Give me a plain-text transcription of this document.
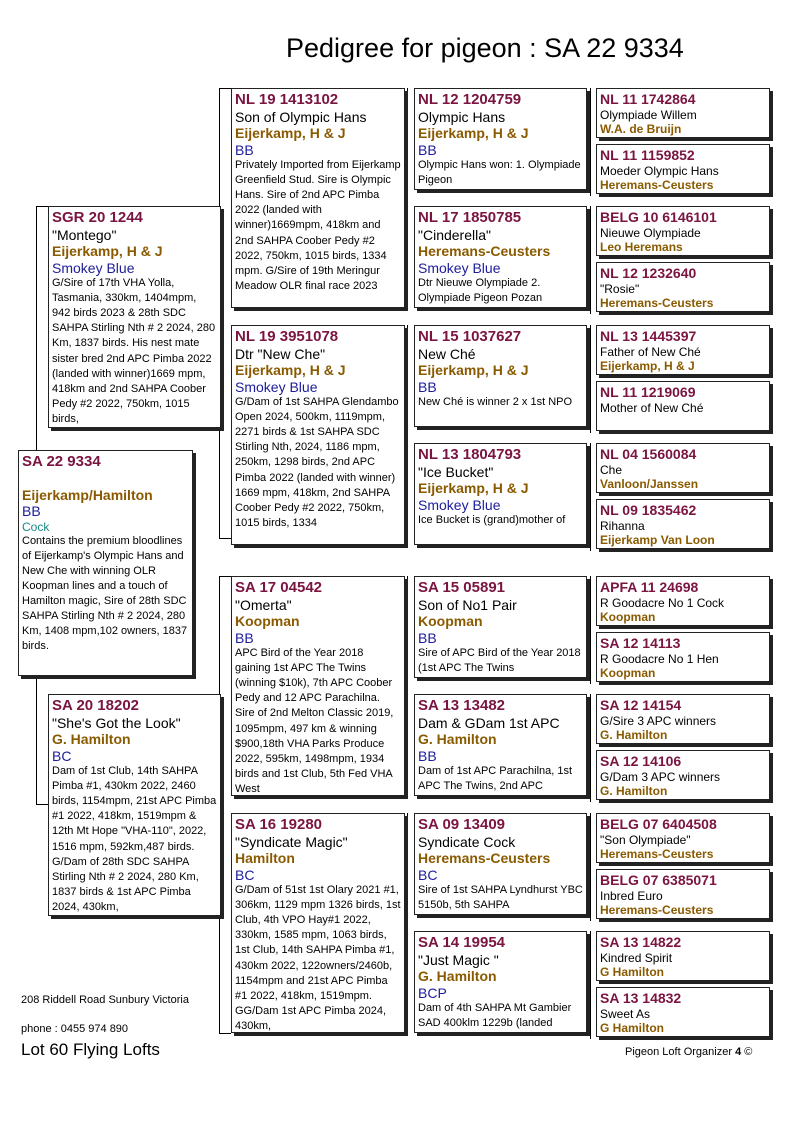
Pedigree for pigeon : SA 22 9334
SA 22 9334
Eijerkamp/Hamilton
BB
Cock
Contains the premium bloodlines of Eijerkamp's Olympic Hans and New Che with winning OLR Koopman lines and a touch of Hamilton magic, Sire of 28th SDC SAHPA Stirling Nth # 2 2024, 280 Km, 1408 mpm,102 owners, 1837 birds.
SGR 20 1244
"Montego"
Eijerkamp, H & J
Smokey Blue
G/Sire of 17th VHA Yolla, Tasmania, 330km, 1404mpm, 942 birds 2023 & 28th SDC SAHPA Stirling Nth # 2 2024, 280 Km, 1837 birds. His nest mate sister bred 2nd APC Pimba 2022 (landed with winner)1669 mpm, 418km and 2nd SAHPA Coober Pedy #2 2022, 750km, 1015 birds,
SA 20 18202
"She's Got the Look"
G. Hamilton
BC
Dam of 1st Club, 14th SAHPA Pimba #1, 430km 2022, 2460 birds, 1154mpm, 21st APC Pimba #1 2022, 418km, 1519mpm & 12th Mt Hope "VHA-110", 2022, 1516 mpm, 592km,487 birds. G/Dam of 28th SDC SAHPA Stirling Nth # 2 2024, 280 Km, 1837 birds & 1st APC Pimba 2024, 430km,
NL 19 1413102
Son of Olympic Hans
Eijerkamp, H & J
BB
Privately Imported from Eijerkamp Greenfield Stud. Sire is Olympic Hans. Sire of 2nd APC Pimba 2022 (landed with winner)1669mpm, 418km and 2nd SAHPA Coober Pedy #2 2022, 750km, 1015 birds, 1334 mpm. G/Sire of 19th Meringur Meadow OLR final race 2023
NL 19 3951078
Dtr "New Che"
Eijerkamp, H & J
Smokey Blue
G/Dam of 1st SAHPA Glendambo Open 2024, 500km, 1119mpm, 2271 birds & 1st SAHPA SDC Stirling Nth, 2024, 1186 mpm, 250km, 1298 birds, 2nd APC Pimba 2022 (landed with winner) 1669 mpm, 418km, 2nd SAHPA Coober Pedy #2 2022, 750km, 1015 birds, 1334
SA 17 04542
"Omerta"
Koopman
BB
APC Bird of the Year 2018 gaining 1st APC The Twins (winning $10k), 7th APC Coober Pedy and 12 APC Parachilna. Sire of 2nd Melton Classic 2019, 1095mpm, 497 km & winning $900,18th VHA Parks Produce 2022, 595km, 1498mpm, 1934 birds and 1st Club, 5th Fed VHA West
SA 16 19280
"Syndicate Magic"
Hamilton
BC
G/Dam of 51st 1st Olary 2021 #1, 306km, 1129 mpm 1326 birds, 1st Club, 4th VPO Hay#1 2022, 330km, 1585 mpm, 1063 birds, 1st Club, 14th SAHPA Pimba #1, 430km 2022, 122owners/2460b, 1154mpm and 21st APC Pimba #1 2022, 418km, 1519mpm. GG/Dam 1st APC Pimba 2024, 430km,
NL 12 1204759
Olympic Hans
Eijerkamp, H & J
BB
Olympic Hans won: 1. Olympiade Pigeon
NL 17 1850785
"Cinderella"
Heremans-Ceusters
Smokey Blue
Dtr Nieuwe Olympiade 2. Olympiade Pigeon Pozan
NL 15 1037627
New Ché
Eijerkamp, H & J
BB
New Ché is winner 2 x 1st NPO
NL 13 1804793
"Ice Bucket"
Eijerkamp, H & J
Smokey Blue
Ice Bucket is (grand)mother of
SA 15 05891
Son of No1 Pair
Koopman
BB
Sire of APC Bird of the Year 2018 (1st APC The Twins
SA 13 13482
Dam & GDam 1st APC
G. Hamilton
BB
Dam of 1st APC Parachilna, 1st APC The Twins, 2nd APC
SA 09 13409
Syndicate Cock
Heremans-Ceusters
BC
Sire of 1st SAHPA Lyndhurst YBC 5150b, 5th SAHPA
SA 14 19954
"Just Magic "
G. Hamilton
BCP
Dam of 4th SAHPA Mt Gambier SAD 400klm 1229b (landed
NL 11 1742864
Olympiade Willem
W.A. de Bruijn
NL 11 1159852
Moeder Olympic Hans
Heremans-Ceusters
BELG 10 6146101
Nieuwe Olympiade
Leo Heremans
NL 12 1232640
"Rosie"
Heremans-Ceusters
NL 13 1445397
Father of New Ché
Eijerkamp, H & J
NL 11 1219069
Mother of New Ché
NL 04 1560084
Che
Vanloon/Janssen
NL 09 1835462
Rihanna
Eijerkamp Van Loon
APFA 11 24698
R Goodacre No 1 Cock
Koopman
SA 12 14113
R Goodacre No 1 Hen
Koopman
SA 12 14154
G/Sire 3 APC winners
G. Hamilton
SA 12 14106
G/Dam 3 APC winners
G. Hamilton
BELG 07 6404508
"Son Olympiade"
Heremans-Ceusters
BELG 07 6385071
Inbred Euro
Heremans-Ceusters
SA 13 14822
Kindred Spirit
G Hamilton
SA 13 14832
Sweet As
G Hamilton
208 Riddell Road Sunbury Victoria
phone : 0455 974 890
Lot 60 Flying Lofts	Pigeon Loft Organizer 4 ©
